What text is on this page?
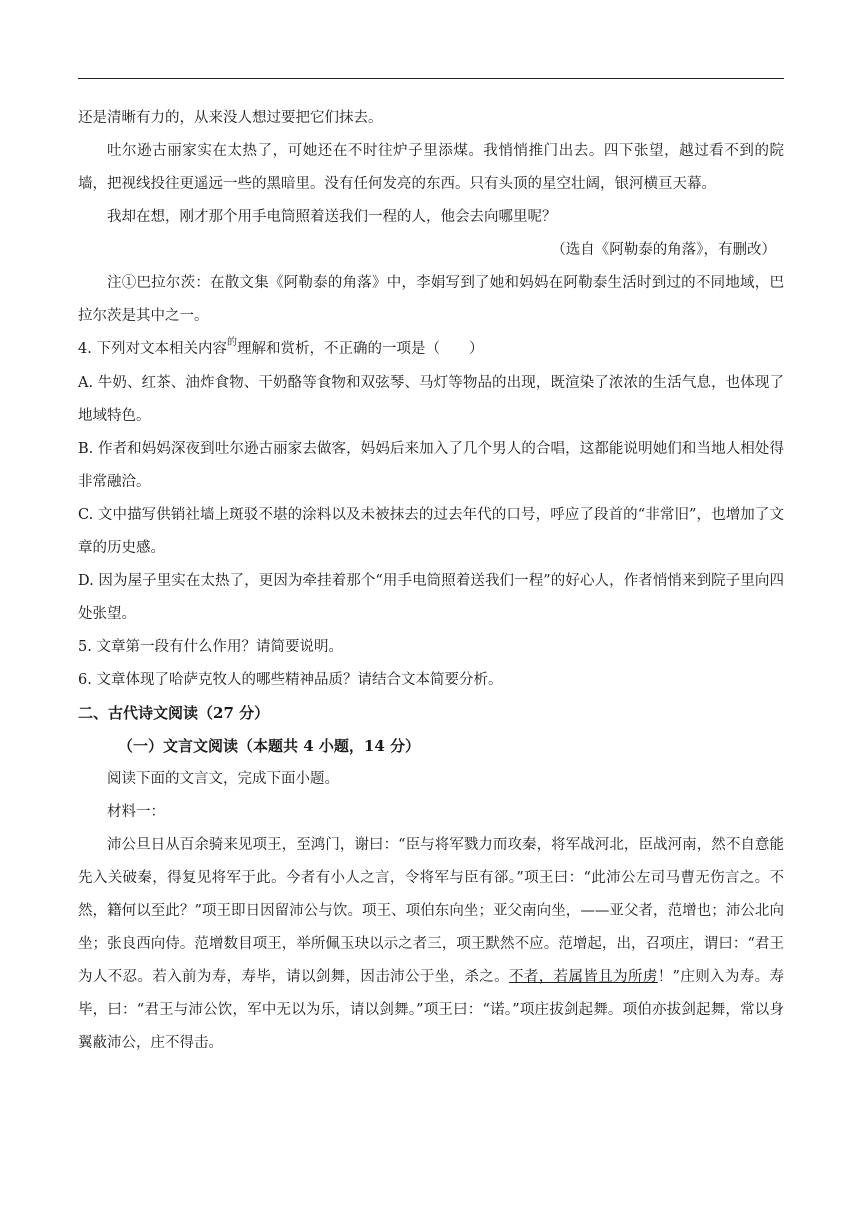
还是清晰有力的，从来没人想过要把它们抹去。

吐尔逊古丽家实在太热了，可她还在不时往炉子里添煤。我悄悄推门出去。四下张望，越过看不到的院墙，把视线投往更遥远一些的黑暗里。没有任何发亮的东西。只有头顶的星空壮阔，银河横亘天幕。

我却在想，刚才那个用手电筒照着送我们一程的人，他会去向哪里呢？

（选自《阿勒泰的角落》，有删改）

注①巴拉尔茨：在散文集《阿勒泰的角落》中，李娟写到了她和妈妈在阿勒泰生活时到过的不同地域，巴拉尔茨是其中之一。

4. 下列对文本相关内容$^的$理解和赏析，不正确的一项是（　　）

A. 牛奶、红茶、油炸食物、干奶酪等食物和双弦琴、马灯等物品的出现，既渲染了浓浓的生活气息，也体现了地域特色。

B. 作者和妈妈深夜到吐尔逊古丽家去做客，妈妈后来加入了几个男人的合唱，这都能说明她们和当地人相处得非常融洽。

C. 文中描写供销社墙上斑驳不堪的涂料以及未被抹去的过去年代的口号，呼应了段首的“非常旧”，也增加了文章的历史感。

D. 因为屋子里实在太热了，更因为牵挂着那个“用手电筒照着送我们一程”的好心人，作者悄悄来到院子里向四处张望。

5. 文章第一段有什么作用？请简要说明。

6. 文章体现了哈萨克牧人的哪些精神品质？请结合文本简要分析。

二、古代诗文阅读（27 分）

（一）文言文阅读（本题共 4 小题，14 分）

阅读下面的文言文，完成下面小题。

材料一：

沛公旦日从百余骑来见项王，至鸿门，谢曰：“臣与将军戮力而攻秦，将军战河北，臣战河南，然不自意能先入关破秦，得复见将军于此。今者有小人之言，令将军与臣有郤。”项王曰：“此沛公左司马曹无伤言之。不然，籍何以至此？”项王即日因留沛公与饮。项王、项伯东向坐；亚父南向坐，——亚父者，范增也；沛公北向坐；张良西向侍。范增数目项王，举所佩玉玦以示之者三，项王默然不应。范增起，出，召项庄，谓曰：“君王为人不忍。若入前为寿，寿毕，请以剑舞，因击沛公于坐，杀之。不者，若属皆且为所虏！”庄则入为寿。寿毕，曰：“君王与沛公饮，军中无以为乐，请以剑舞。”项王曰：“诺。”项庄拔剑起舞。项伯亦拔剑起舞，常以身翼蔽沛公，庄不得击。
